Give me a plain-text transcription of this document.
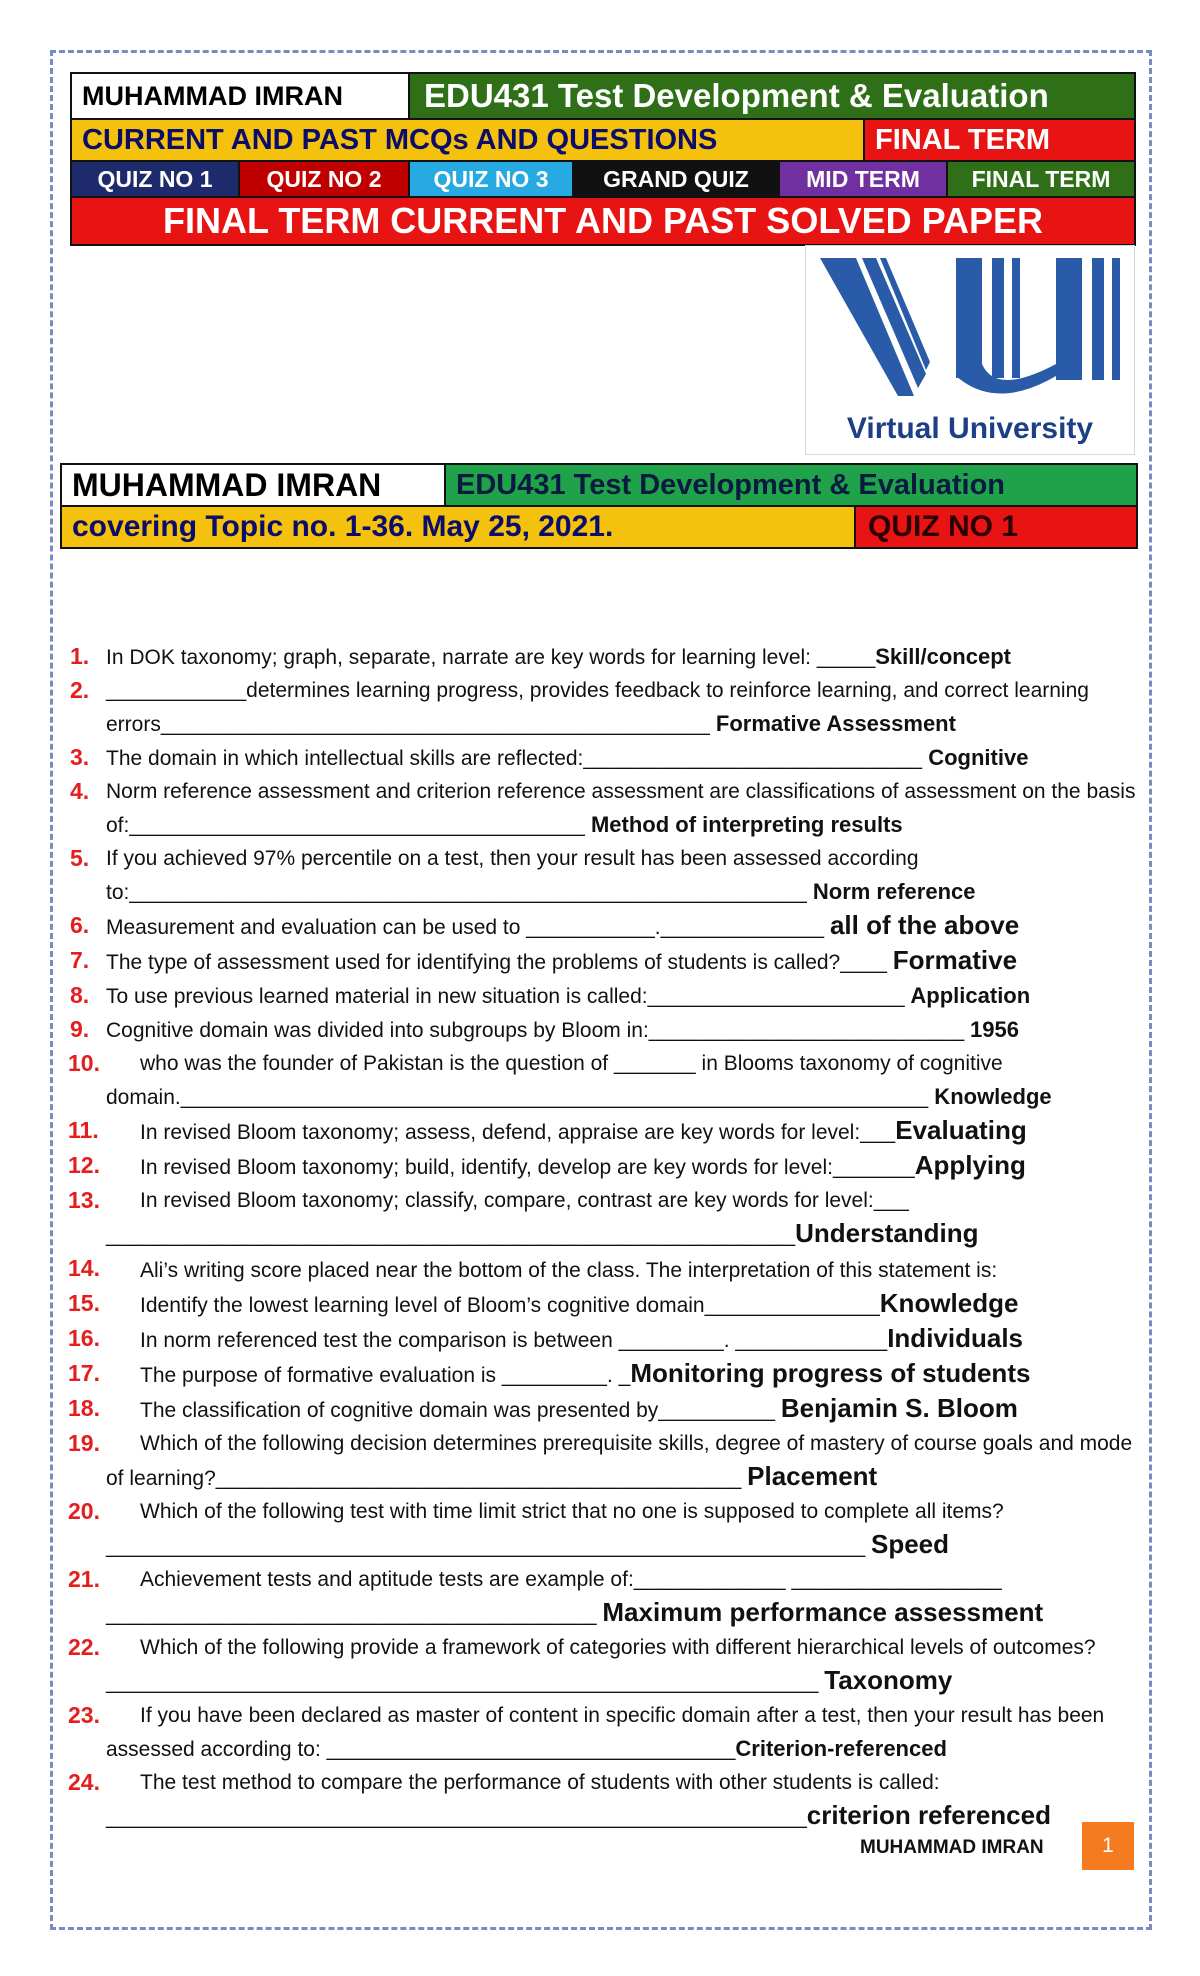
MUHAMMAD IMRAN	EDU431 Test Development & Evaluation
CURRENT AND PAST MCQs AND QUESTIONS	FINAL TERM
QUIZ NO 1	QUIZ NO 2	QUIZ NO 3	GRAND QUIZ	MID TERM	FINAL TERM
FINAL TERM CURRENT AND PAST SOLVED PAPER
Virtual University
MUHAMMAD IMRAN	EDU431 Test Development & Evaluation
covering Topic no. 1-36. May 25, 2021.	QUIZ NO 1
1. In DOK taxonomy; graph, separate, narrate are key words for learning level: _____Skill/concept
2. ____________determines learning progress, provides feedback to reinforce learning, and correct learning errors_______________________________________________ Formative Assessment
3. The domain in which intellectual skills are reflected:_____________________________ Cognitive
4. Norm reference assessment and criterion reference assessment are classifications of assessment on the basis of:_______________________________________ Method of interpreting results
5. If you achieved 97% percentile on a test, then your result has been assessed according to:__________________________________________________________ Norm reference
6. Measurement and evaluation can be used to ___________.______________ all of the above
7. The type of assessment used for identifying the problems of students is called?____ Formative
8. To use previous learned material in new situation is called:______________________ Application
9. Cognitive domain was divided into subgroups by Bloom in:___________________________ 1956
10. who was the founder of Pakistan is the question of _______ in Blooms taxonomy of cognitive domain.________________________________________________________________ Knowledge
11. In revised Bloom taxonomy; assess, defend, appraise are key words for level:___Evaluating
12. In revised Bloom taxonomy; build, identify, develop are key words for level:_______Applying
13. In revised Bloom taxonomy; classify, compare, contrast are key words for level:___ ___________________________________________________________Understanding
14. Ali’s writing score placed near the bottom of the class. The interpretation of this statement is:
15. Identify the lowest learning level of Bloom’s cognitive domain_______________Knowledge
16. In norm referenced test the comparison is between _________. _____________Individuals
17. The purpose of formative evaluation is _________. _Monitoring progress of students
18. The classification of cognitive domain was presented by__________ Benjamin S. Bloom
19. Which of the following decision determines prerequisite skills, degree of mastery of course goals and mode of learning?_____________________________________________ Placement
20. Which of the following test with time limit strict that no one is supposed to complete all items?_________________________________________________________________ Speed
21. Achievement tests and aptitude tests are example of:_____________ __________________ __________________________________________ Maximum performance assessment
22. Which of the following provide a framework of categories with different hierarchical levels of outcomes?_____________________________________________________________ Taxonomy
23. If you have been declared as master of content in specific domain after a test, then your result has been assessed according to: ___________________________________Criterion-referenced
24. The test method to compare the performance of students with other students is called: ____________________________________________________________criterion referenced
MUHAMMAD IMRAN	1
